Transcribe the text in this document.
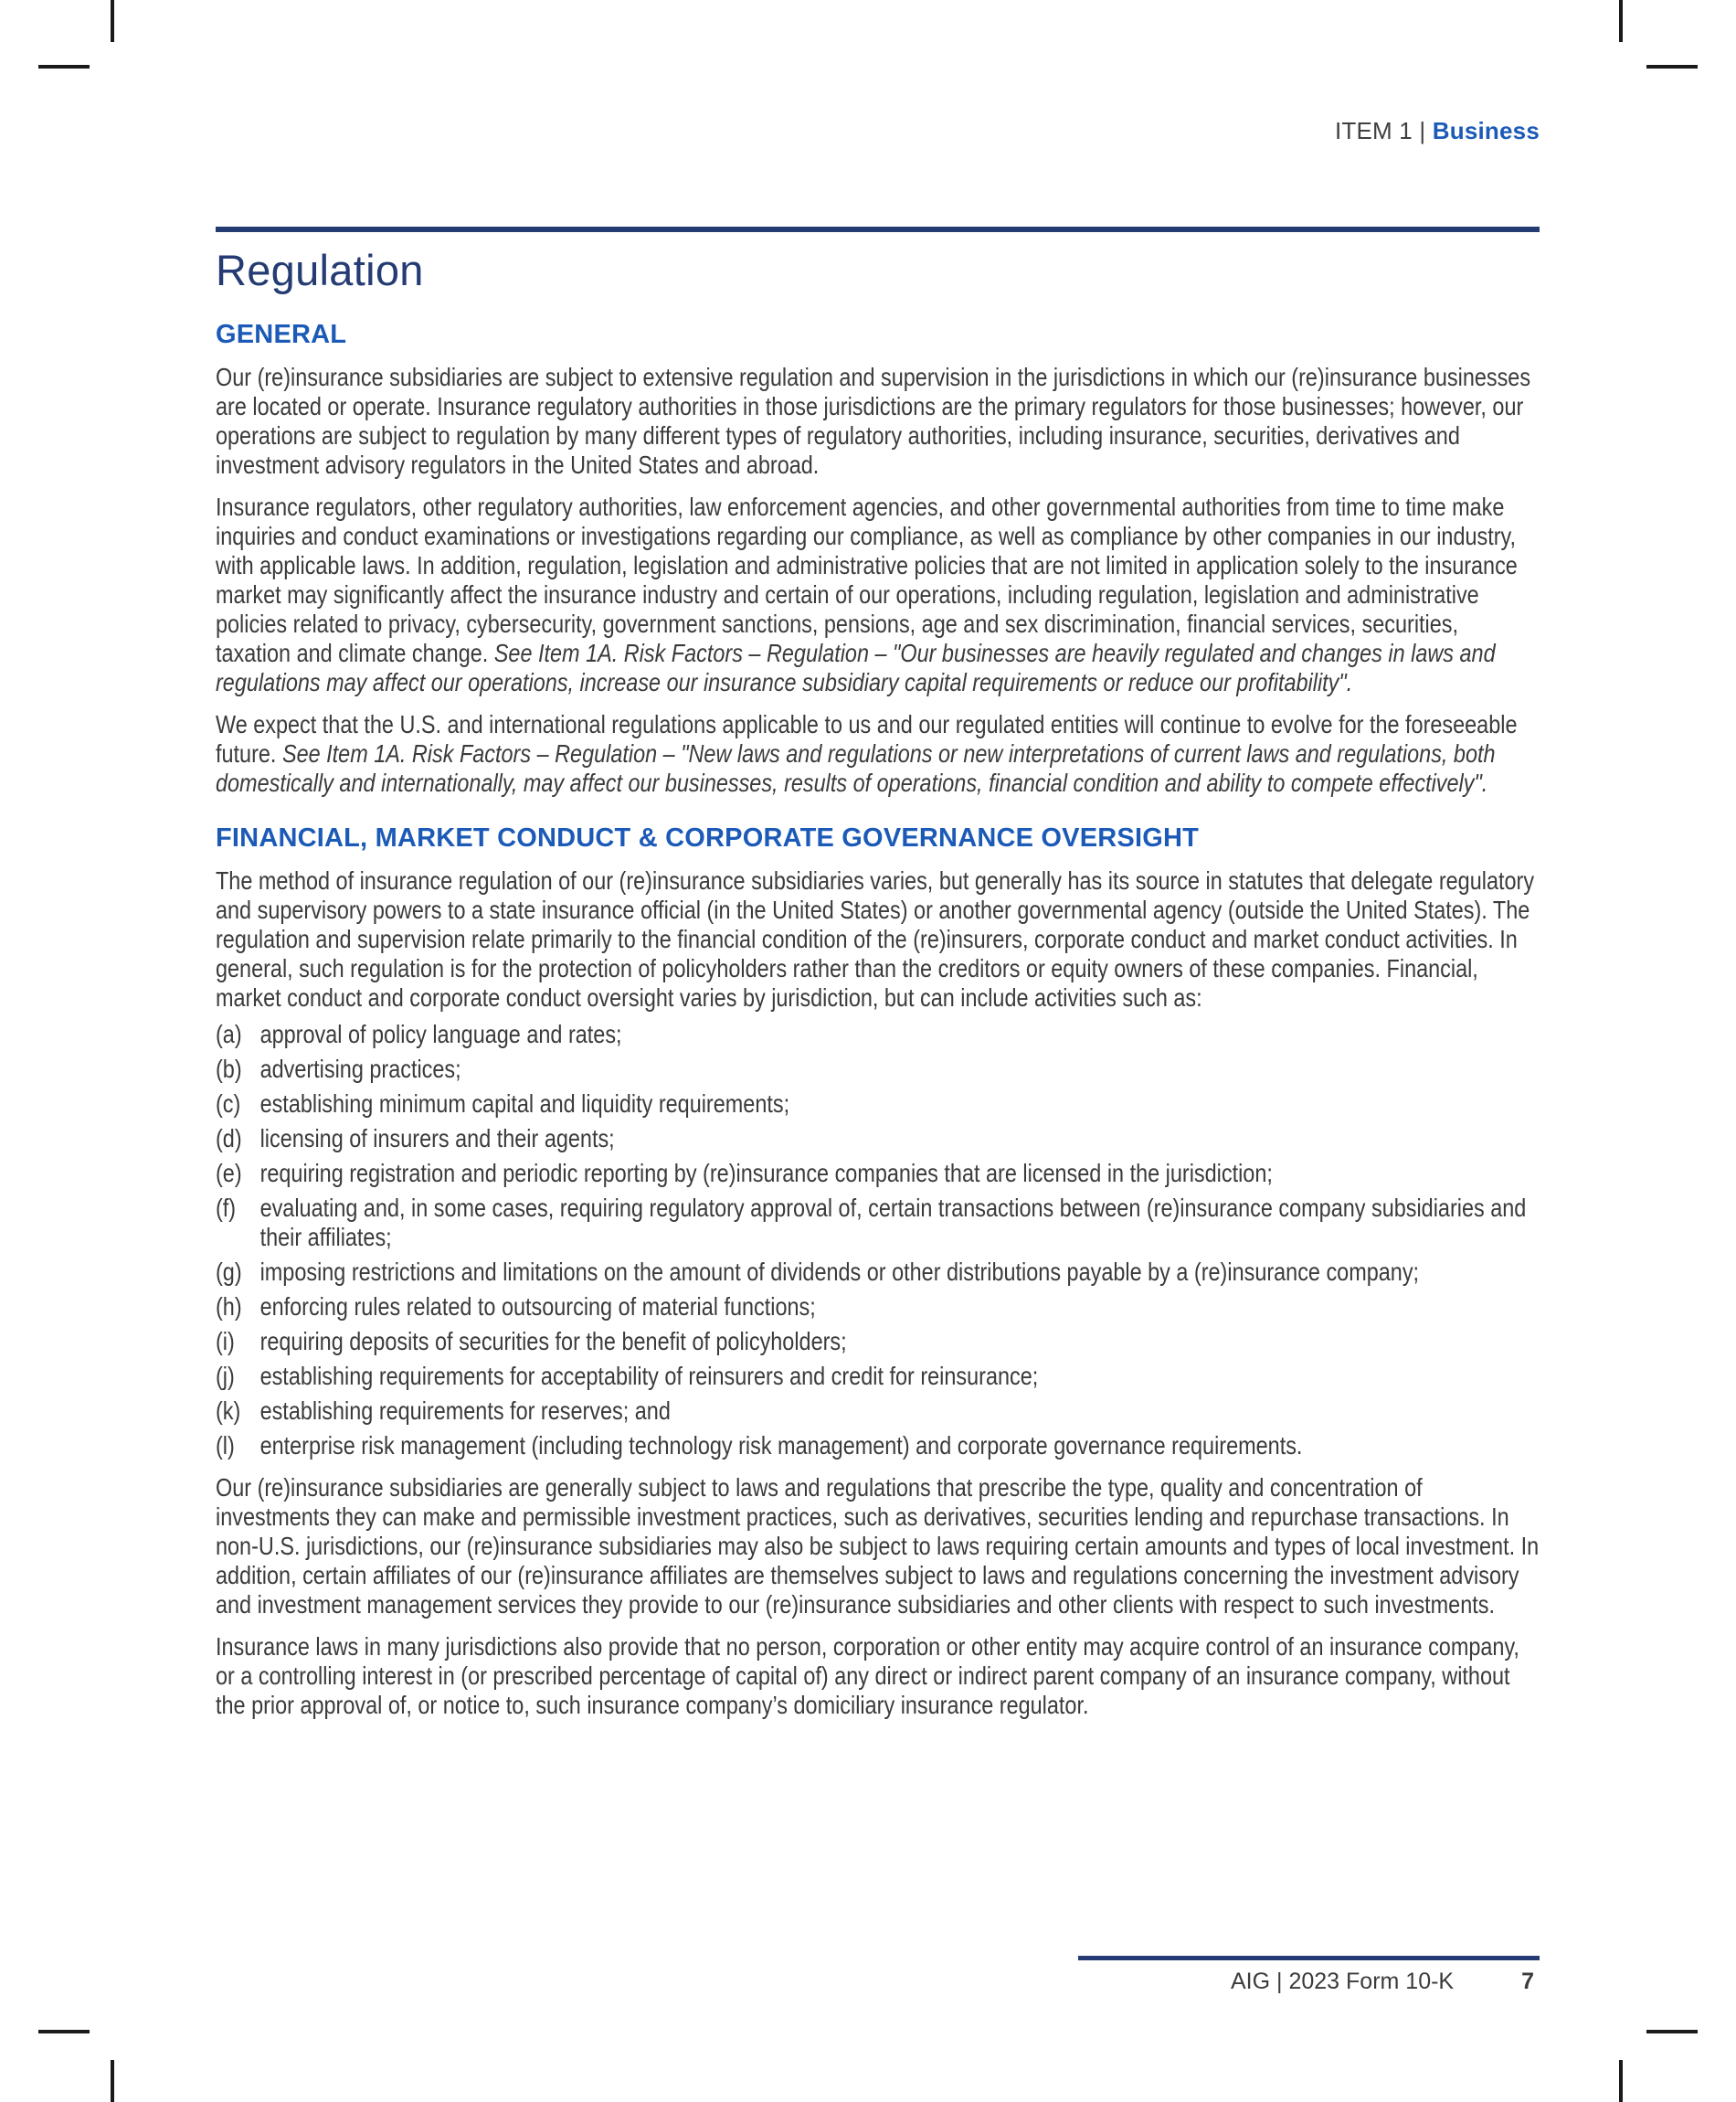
ITEM 1 | Business
Regulation
GENERAL

Our (re)insurance subsidiaries are subject to extensive regulation and supervision in the jurisdictions in which our (re)insurance businesses are located or operate. Insurance regulatory authorities in those jurisdictions are the primary regulators for those businesses; however, our operations are subject to regulation by many different types of regulatory authorities, including insurance, securities, derivatives and investment advisory regulators in the United States and abroad.

Insurance regulators, other regulatory authorities, law enforcement agencies, and other governmental authorities from time to time make inquiries and conduct examinations or investigations regarding our compliance, as well as compliance by other companies in our industry, with applicable laws. In addition, regulation, legislation and administrative policies that are not limited in application solely to the insurance market may significantly affect the insurance industry and certain of our operations, including regulation, legislation and administrative policies related to privacy, cybersecurity, government sanctions, pensions, age and sex discrimination, financial services, securities, taxation and climate change. See Item 1A. Risk Factors – Regulation – "Our businesses are heavily regulated and changes in laws and regulations may affect our operations, increase our insurance subsidiary capital requirements or reduce our profitability".

We expect that the U.S. and international regulations applicable to us and our regulated entities will continue to evolve for the foreseeable future. See Item 1A. Risk Factors – Regulation – "New laws and regulations or new interpretations of current laws and regulations, both domestically and internationally, may affect our businesses, results of operations, financial condition and ability to compete effectively".

FINANCIAL, MARKET CONDUCT & CORPORATE GOVERNANCE OVERSIGHT

The method of insurance regulation of our (re)insurance subsidiaries varies, but generally has its source in statutes that delegate regulatory and supervisory powers to a state insurance official (in the United States) or another governmental agency (outside the United States). The regulation and supervision relate primarily to the financial condition of the (re)insurers, corporate conduct and market conduct activities. In general, such regulation is for the protection of policyholders rather than the creditors or equity owners of these companies. Financial, market conduct and corporate conduct oversight varies by jurisdiction, but can include activities such as:

(a) approval of policy language and rates;
(b) advertising practices;
(c) establishing minimum capital and liquidity requirements;
(d) licensing of insurers and their agents;
(e) requiring registration and periodic reporting by (re)insurance companies that are licensed in the jurisdiction;
(f) evaluating and, in some cases, requiring regulatory approval of, certain transactions between (re)insurance company subsidiaries and their affiliates;
(g) imposing restrictions and limitations on the amount of dividends or other distributions payable by a (re)insurance company;
(h) enforcing rules related to outsourcing of material functions;
(i) requiring deposits of securities for the benefit of policyholders;
(j) establishing requirements for acceptability of reinsurers and credit for reinsurance;
(k) establishing requirements for reserves; and
(l) enterprise risk management (including technology risk management) and corporate governance requirements.

Our (re)insurance subsidiaries are generally subject to laws and regulations that prescribe the type, quality and concentration of investments they can make and permissible investment practices, such as derivatives, securities lending and repurchase transactions. In non-U.S. jurisdictions, our (re)insurance subsidiaries may also be subject to laws requiring certain amounts and types of local investment. In addition, certain affiliates of our (re)insurance affiliates are themselves subject to laws and regulations concerning the investment advisory and investment management services they provide to our (re)insurance subsidiaries and other clients with respect to such investments.

Insurance laws in many jurisdictions also provide that no person, corporation or other entity may acquire control of an insurance company, or a controlling interest in (or prescribed percentage of capital of) any direct or indirect parent company of an insurance company, without the prior approval of, or notice to, such insurance company’s domiciliary insurance regulator.

AIG | 2023 Form 10-K	7
